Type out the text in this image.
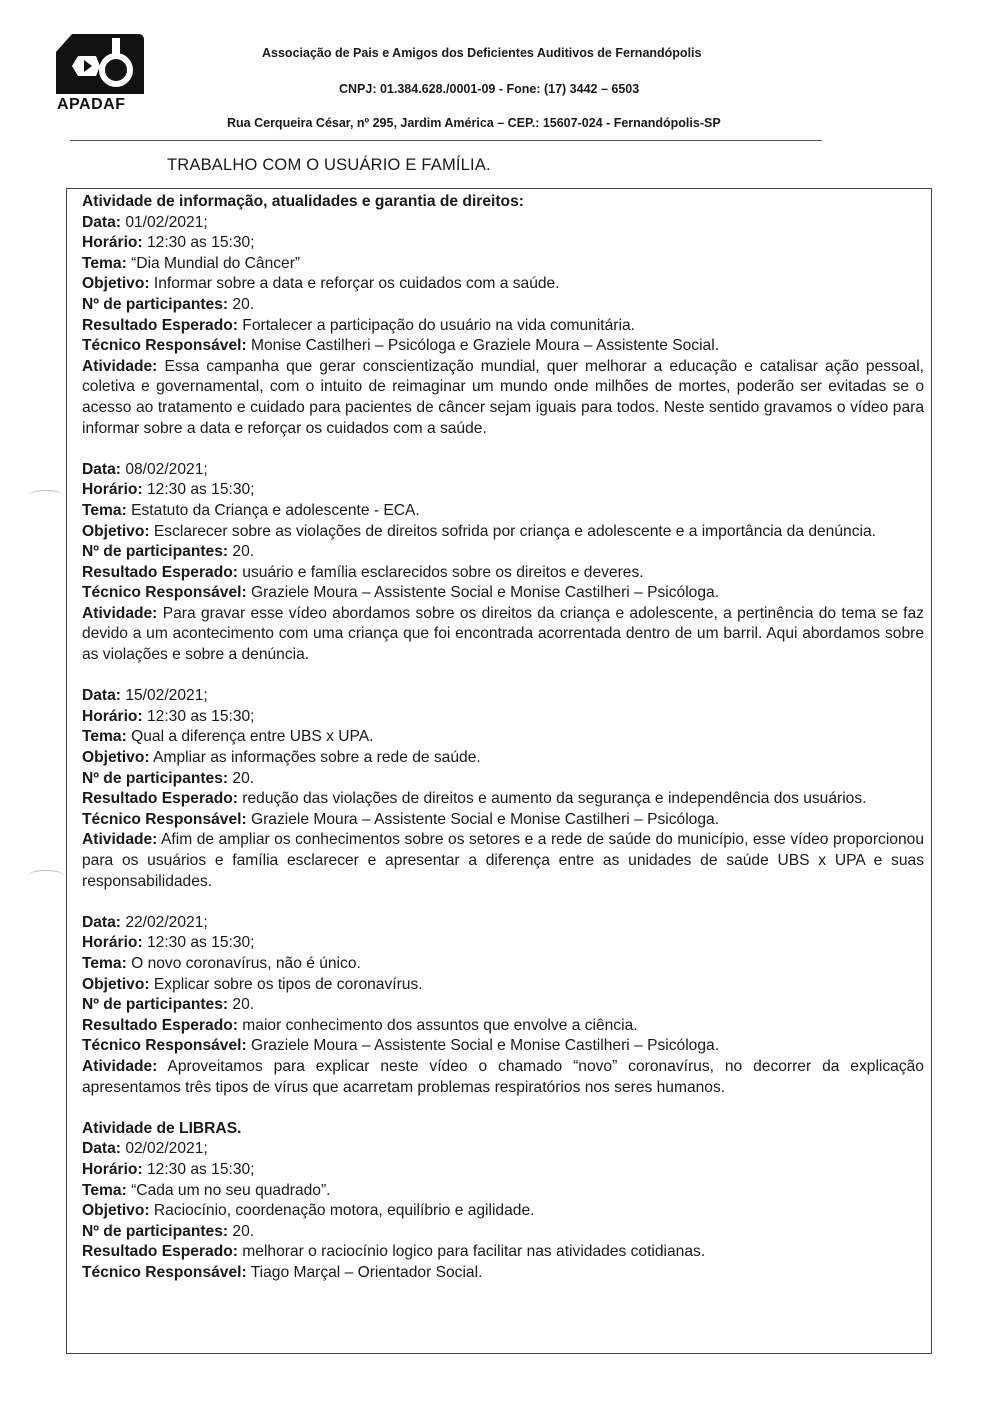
APADAF
Associação de Pais e Amigos dos Deficientes Auditivos de Fernandópolis
CNPJ: 01.384.628./0001-09 - Fone: (17) 3442 – 6503
Rua Cerqueira César, nº 295, Jardim América – CEP.: 15607-024 - Fernandópolis-SP
TRABALHO COM O USUÁRIO E FAMÍLIA.

Atividade de informação, atualidades e garantia de direitos:

Data: 01/02/2021;

Horário: 12:30 as 15:30;

Tema: “Dia Mundial do Câncer”

Objetivo: Informar sobre a data e reforçar os cuidados com a saúde.

Nº de participantes: 20.

Resultado Esperado: Fortalecer a participação do usuário na vida comunitária.

Técnico Responsável: Monise Castilheri – Psicóloga e Graziele Moura – Assistente Social.

Atividade: Essa campanha que gerar conscientização mundial, quer melhorar a educação e catalisar ação pessoal, coletiva e governamental, com o intuito de reimaginar um mundo onde milhões de mortes, poderão ser evitadas se o acesso ao tratamento e cuidado para pacientes de câncer sejam iguais para todos. Neste sentido gravamos o vídeo para informar sobre a data e reforçar os cuidados com a saúde.

Data: 08/02/2021;

Horário: 12:30 as 15:30;

Tema: Estatuto da Criança e adolescente - ECA.

Objetivo: Esclarecer sobre as violações de direitos sofrida por criança e adolescente e a importância da denúncia.

Nº de participantes: 20.

Resultado Esperado: usuário e família esclarecidos sobre os direitos e deveres.

Técnico Responsável: Graziele Moura – Assistente Social e Monise Castilheri – Psicóloga.

Atividade: Para gravar esse vídeo abordamos sobre os direitos da criança e adolescente, a pertinência do tema se faz devido a um acontecimento com uma criança que foi encontrada acorrentada dentro de um barril. Aqui abordamos sobre as violações e sobre a denúncia.

Data: 15/02/2021;

Horário: 12:30 as 15:30;

Tema: Qual a diferença entre UBS x UPA.

Objetivo: Ampliar as informações sobre a rede de saúde.

Nº de participantes: 20.

Resultado Esperado: redução das violações de direitos e aumento da segurança e independência dos usuários.

Técnico Responsável: Graziele Moura – Assistente Social e Monise Castilheri – Psicóloga.

Atividade: Afim de ampliar os conhecimentos sobre os setores e a rede de saúde do município, esse vídeo proporcionou para os usuários e família esclarecer e apresentar a diferença entre as unidades de saúde UBS x UPA e suas responsabilidades.

Data: 22/02/2021;

Horário: 12:30 as 15:30;

Tema: O novo coronavírus, não é único.

Objetivo: Explicar sobre os tipos de coronavírus.

Nº de participantes: 20.

Resultado Esperado: maior conhecimento dos assuntos que envolve a ciência.

Técnico Responsável: Graziele Moura – Assistente Social e Monise Castilheri – Psicóloga.

Atividade: Aproveitamos para explicar neste vídeo o chamado “novo” coronavírus, no decorrer da explicação apresentamos três tipos de vírus que acarretam problemas respiratórios nos seres humanos.

Atividade de LIBRAS.

Data: 02/02/2021;

Horário: 12:30 as 15:30;

Tema: “Cada um no seu quadrado”.

Objetivo: Raciocínio, coordenação motora, equilíbrio e agilidade.

Nº de participantes: 20.

Resultado Esperado: melhorar o raciocínio logico para facilitar nas atividades cotidianas.

Técnico Responsável: Tiago Marçal – Orientador Social.
